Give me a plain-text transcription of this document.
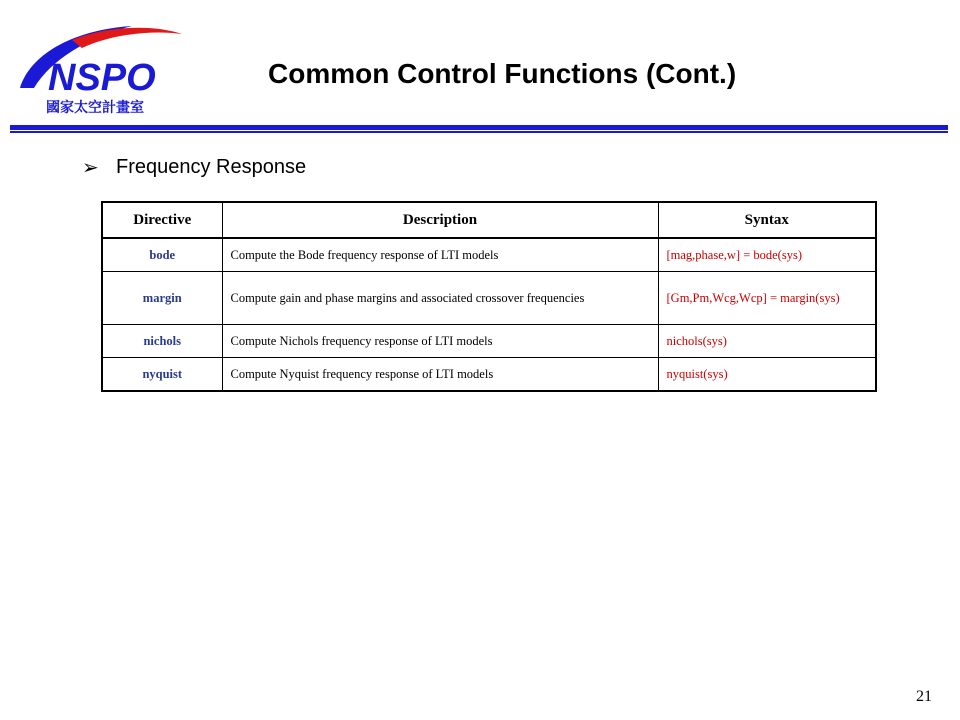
NSPO
國家太空計畫室
Common Control Functions (Cont.)
➢ Frequency Response
Directive	Description	Syntax
bode	Compute the Bode frequency response of LTI models	[mag,phase,w] = bode(sys)
margin	Compute gain and phase margins and associated crossover frequencies	[Gm,Pm,Wcg,Wcp] = margin(sys)
nichols	Compute Nichols frequency response of LTI models	nichols(sys)
nyquist	Compute Nyquist frequency response of LTI models	nyquist(sys)
21
